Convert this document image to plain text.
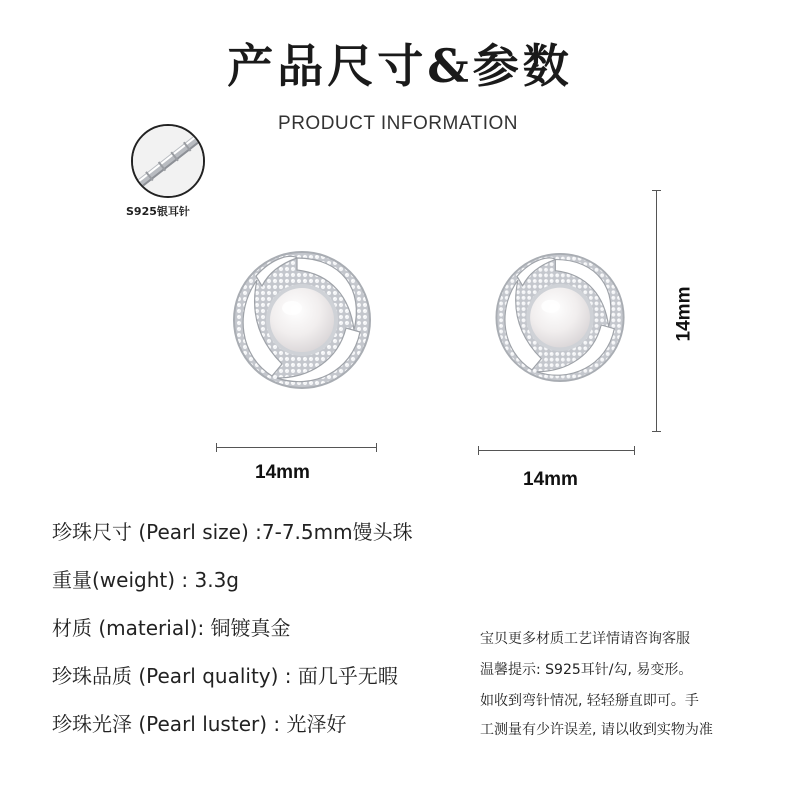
产品尺寸&参数
PRODUCT INFORMATION
S925银耳针
14mm	14mm
14mm
珍珠尺寸 (Pearl size) :7-7.5mm馒头珠
重量(weight) : 3.3g
材质 (material): 铜镀真金
珍珠品质 (Pearl quality) : 面几乎无暇
珍珠光泽 (Pearl luster) : 光泽好
宝贝更多材质工艺详情请咨询客服
温馨提示: S925耳针/勾, 易变形。
如收到弯针情况, 轻轻掰直即可。手
工测量有少许误差, 请以收到实物为准
